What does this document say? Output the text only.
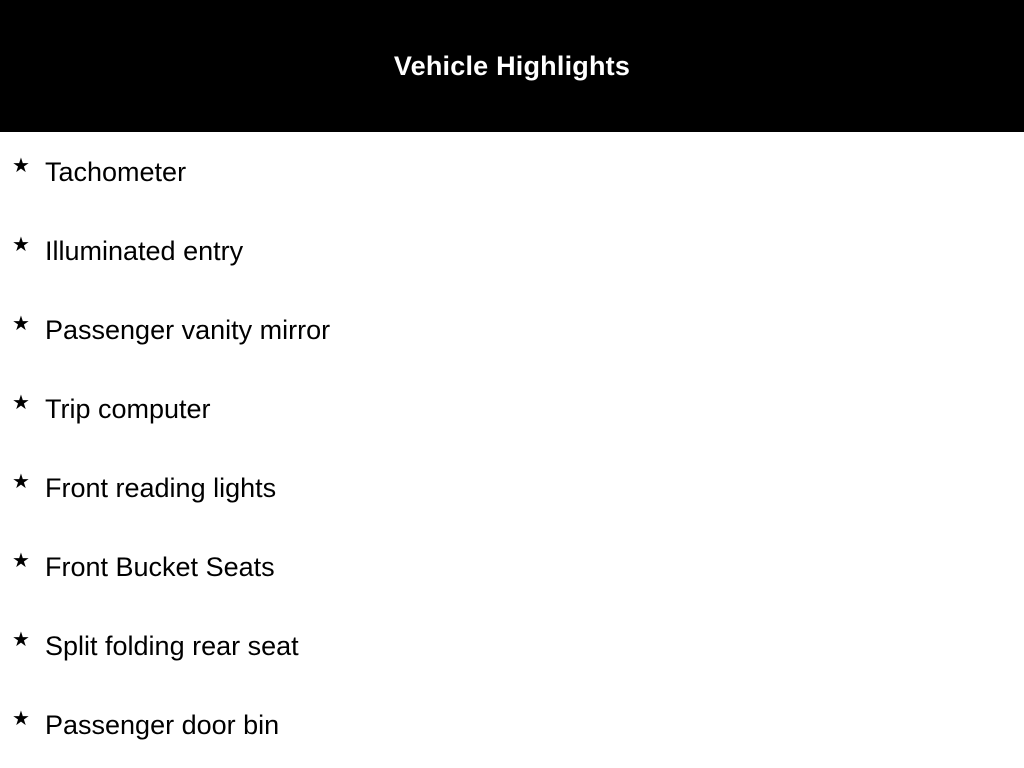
Vehicle Highlights
★ Tachometer
★ Illuminated entry
★ Passenger vanity mirror
★ Trip computer
★ Front reading lights
★ Front Bucket Seats
★ Split folding rear seat
★ Passenger door bin
